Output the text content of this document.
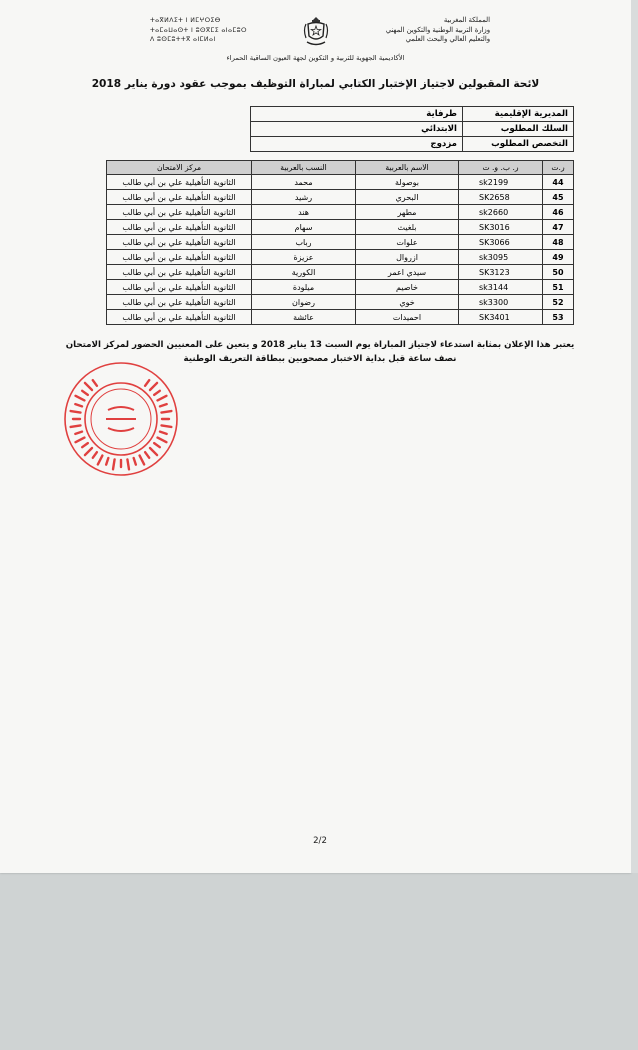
المملكة المغربية
وزارة التربية الوطنية والتكوين المهني
والتعليم العالي والبحث العلمي
ⵜⴰⴳⵍⴷⵉⵜ ⵏ ⵍⵎⵖⵔⵉⴱ
ⵜⴰⵎⴰⵡⴰⵙⵜ ⵏ ⵓⵙⴳⵎⵉ ⴰⵏⴰⵎⵓⵔ
ⴷ ⵓⵙⵎⵓⵜⵜⴳ ⴰⵏⵎⵍⴰⵏ
الأكاديمية الجهوية للتربية و التكوين لجهة العيون الساقية الحمراء
لائحة المقبولين لاجتياز الإختبار الكتابي لمباراة التوظيف بموجب عقود دورة يناير 2018
المديرية الإقليمية	طرفاية
السلك المطلوب	الابتدائي
التخصص المطلوب	مزدوج
ر.ت	ر. ب. و. ت	الاسم بالعربية	النسب بالعربية	مركز الامتحان
44	sk2199	بوصولة	محمد	الثانوية التأهيلية علي بن أبي طالب
45	SK2658	البحري	رشيد	الثانوية التأهيلية علي بن أبي طالب
46	sk2660	مطهر	هند	الثانوية التأهيلية علي بن أبي طالب
47	SK3016	بلغيث	سهام	الثانوية التأهيلية علي بن أبي طالب
48	SK3066	علوات	رباب	الثانوية التأهيلية علي بن أبي طالب
49	sk3095	ازروال	عزيزة	الثانوية التأهيلية علي بن أبي طالب
50	SK3123	سيدي اعمر	الكورية	الثانوية التأهيلية علي بن أبي طالب
51	sk3144	خاصيم	ميلودة	الثانوية التأهيلية علي بن أبي طالب
52	sk3300	خوي	رضوان	الثانوية التأهيلية علي بن أبي طالب
53	SK3401	احميدات	عائشة	الثانوية التأهيلية علي بن أبي طالب
يعتبر هذا الإعلان بمثابة استدعاء لاجتياز المباراة يوم السبت 13 يناير 2018 و يتعين على المعنيين الحضور لمركز الامتحان نصف ساعة قبل بداية الاختبار مصحوبين ببطاقة التعريف الوطنية
2/2
